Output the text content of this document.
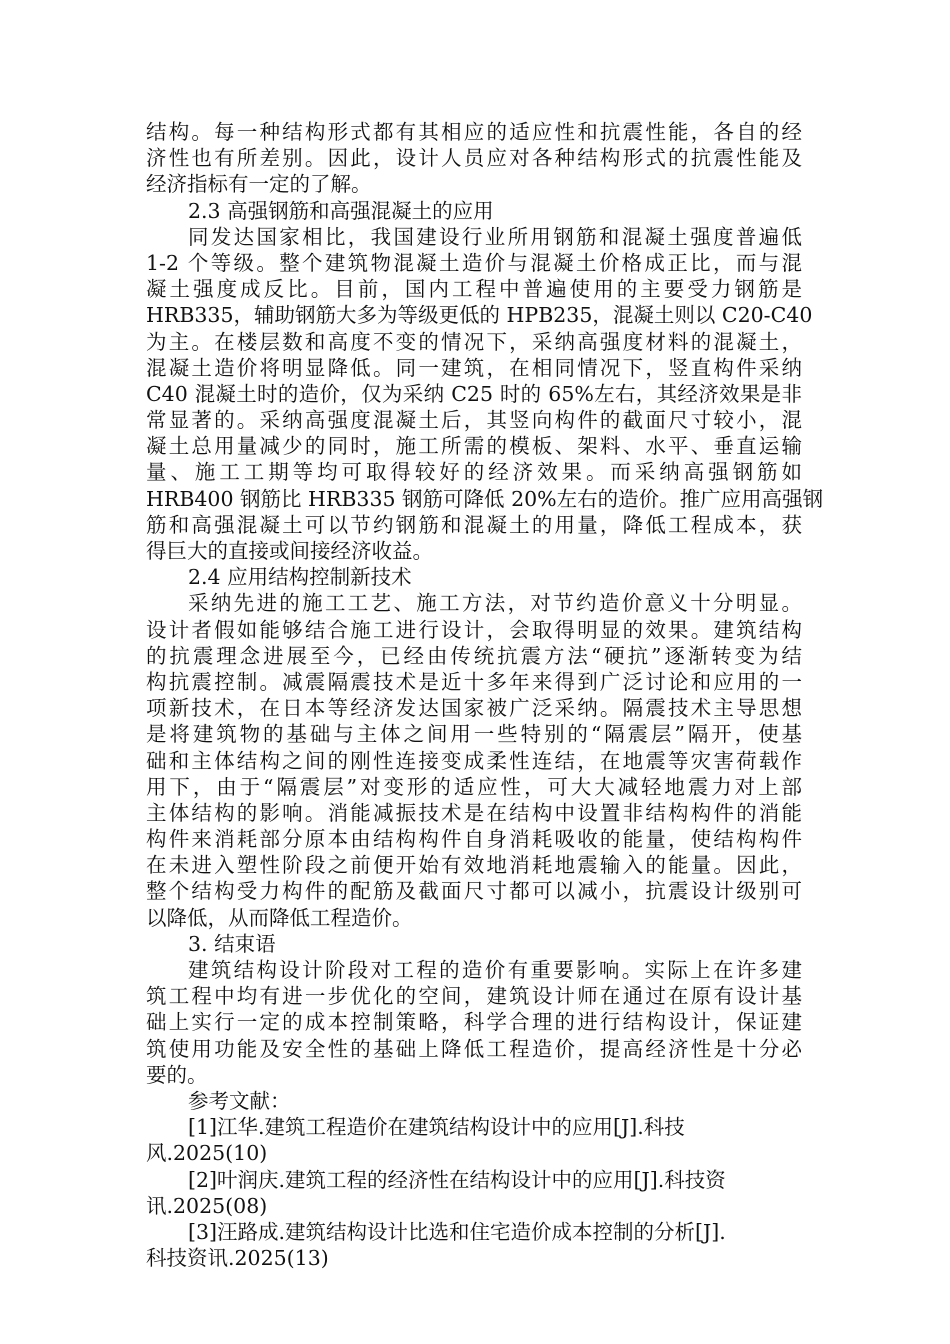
结构。每一种结构形式都有其相应的适应性和抗震性能，各自的经
济性也有所差别。因此，设计人员应对各种结构形式的抗震性能及
经济指标有一定的了解。
2.3 高强钢筋和高强混凝土的应用
同发达国家相比，我国建设行业所用钢筋和混凝土强度普遍低
1-2 个等级。整个建筑物混凝土造价与混凝土价格成正比，而与混
凝土强度成反比。目前，国内工程中普遍使用的主要受力钢筋是
HRB335，辅助钢筋大多为等级更低的 HPB235，混凝土则以 C20-C40
为主。在楼层数和高度不变的情况下，采纳高强度材料的混凝土，
混凝土造价将明显降低。同一建筑，在相同情况下，竖直构件采纳
C40 混凝土时的造价，仅为采纳 C25 时的 65%左右，其经济效果是非
常显著的。采纳高强度混凝土后，其竖向构件的截面尺寸较小，混
凝土总用量减少的同时，施工所需的模板、架料、水平、垂直运输
量、施工工期等均可取得较好的经济效果。而采纳高强钢筋如
HRB400 钢筋比 HRB335 钢筋可降低 20%左右的造价。推广应用高强钢
筋和高强混凝土可以节约钢筋和混凝土的用量，降低工程成本，获
得巨大的直接或间接经济收益。
2.4 应用结构控制新技术
采纳先进的施工工艺、施工方法，对节约造价意义十分明显。
设计者假如能够结合施工进行设计，会取得明显的效果。建筑结构
的抗震理念进展至今，已经由传统抗震方法“硬抗”逐渐转变为结
构抗震控制。减震隔震技术是近十多年来得到广泛讨论和应用的一
项新技术，在日本等经济发达国家被广泛采纳。隔震技术主导思想
是将建筑物的基础与主体之间用一些特别的“隔震层”隔开，使基
础和主体结构之间的刚性连接变成柔性连结，在地震等灾害荷载作
用下，由于“隔震层”对变形的适应性，可大大减轻地震力对上部
主体结构的影响。消能减振技术是在结构中设置非结构构件的消能
构件来消耗部分原本由结构构件自身消耗吸收的能量，使结构构件
在未进入塑性阶段之前便开始有效地消耗地震输入的能量。因此，
整个结构受力构件的配筋及截面尺寸都可以减小，抗震设计级别可
以降低，从而降低工程造价。
3. 结束语
建筑结构设计阶段对工程的造价有重要影响。实际上在许多建
筑工程中均有进一步优化的空间，建筑设计师在通过在原有设计基
础上实行一定的成本控制策略，科学合理的进行结构设计，保证建
筑使用功能及安全性的基础上降低工程造价，提高经济性是十分必
要的。
参考文献：
[1]江华.建筑工程造价在建筑结构设计中的应用[J].科技
风.2025(10)
[2]叶润庆.建筑工程的经济性在结构设计中的应用[J].科技资
讯.2025(08)
[3]汪路成.建筑结构设计比选和住宅造价成本控制的分析[J].
科技资讯.2025(13)
